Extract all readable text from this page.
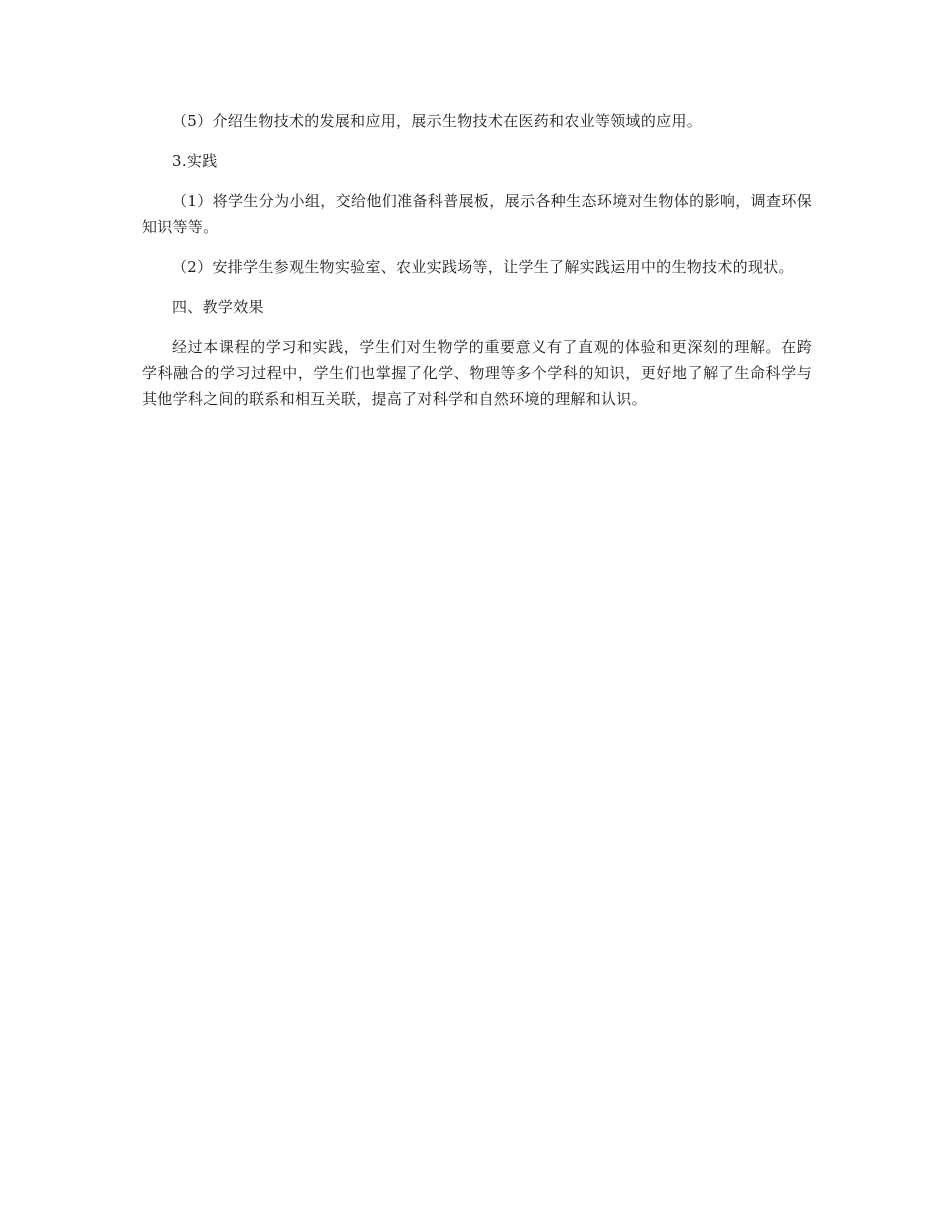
（5）介绍生物技术的发展和应用，展示生物技术在医药和农业等领域的应用。

3.实践

（1）将学生分为小组，交给他们准备科普展板，展示各种生态环境对生物体的影响，调查环保知识等等。

（2）安排学生参观生物实验室、农业实践场等，让学生了解实践运用中的生物技术的现状。

四、教学效果

经过本课程的学习和实践，学生们对生物学的重要意义有了直观的体验和更深刻的理解。在跨学科融合的学习过程中，学生们也掌握了化学、物理等多个学科的知识，更好地了解了生命科学与其他学科之间的联系和相互关联，提高了对科学和自然环境的理解和认识。
